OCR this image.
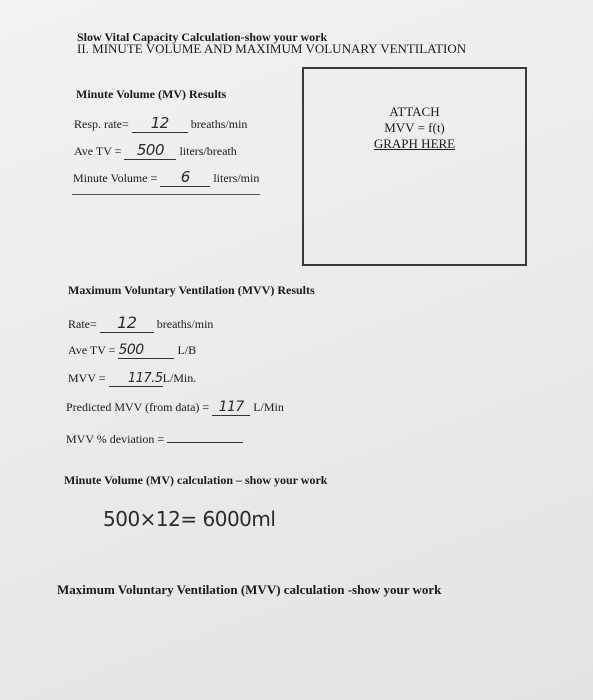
Slow Vital Capacity Calculation-show your work
II. MINUTE VOLUME AND MAXIMUM VOLUNARY VENTILATION
Minute Volume (MV) Results
Resp. rate= 12 breaths/min
Ave TV = 500 liters/breath
Minute Volume = 6 liters/min
ATTACH
MVV = f(t)
GRAPH HERE
Maximum Voluntary Ventilation (MVV) Results
Rate= 12 breaths/min
Ave TV = 500	L/B
MVV = 117.5L/Min.
Predicted MVV (from data) = 117 L/Min
MVV % deviation =
Minute Volume (MV) calculation – show your work
500×12= 6000ml
Maximum Voluntary Ventilation (MVV) calculation -show your work
